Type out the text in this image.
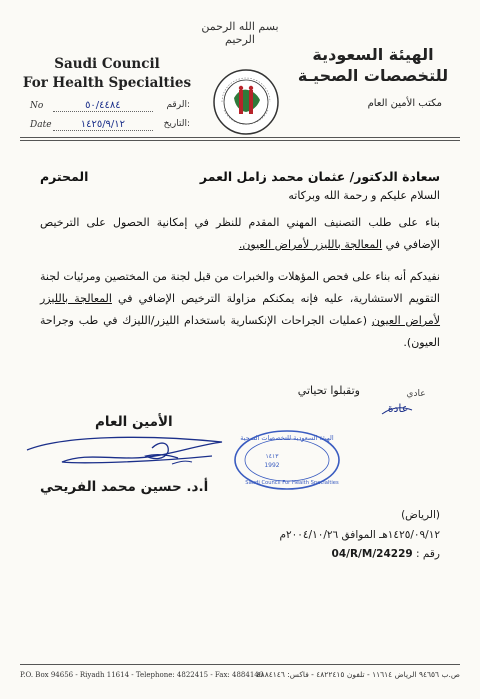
بسم الله الرحمن الرحيم
Saudi Council
For Health Specialties
الهيئة السعودية
للتخصصات الصحيـة
مكتب الأمين العام
No	٥٠/٤٤٨٤	الرقم:
Date	١٤٢٥/٩/١٢	التاريخ:
سعادة الدكتور/ عثمان محمد زامل العمر
المحترم
السلام عليكم و رحمة الله وبركاته
بناء على طلب التصنيف المهني المقدم للنظر في إمكانية الحصول على الترخيص الإضافي في المعالجة بالليزر لأمراض العيون.
نفيدكم أنه بناء على فحص المؤهلات والخبرات من قبل لجنة من المختصين ومرئيات لجنة التقويم الاستشارية، عليه فإنه يمكنكم مزاولة الترخيص الإضافي في المعالجة بالليزر لأمراض العيون (عمليات الجراحات الإنكسارية باستخدام الليزر/الليزك في طب وجراحة العيون).
وتقبلوا تحياتي	عادي
عادة
الأمين العام
الهيئة السعودية للتخصصات الصحية
١٤١٣
1992
Saudi Council For Health Specialties
أ.د. حسين محمد الفريحي
(الرياض)
١٤٢٥/٠٩/١٢هـ الموافق ٢٠٠٤/١٠/٢٦م
رقم : 04/R/M/24229
P.O. Box 94656 - Riyadh 11614 - Telephone: 4822415 - Fax: 4884146
ص.ب ٩٤٦٥٦ الرياض ١١٦١٤ - تلفون ٤٨٢٢٤١٥ - فاكس: ٤٨٨٤١٤٦
